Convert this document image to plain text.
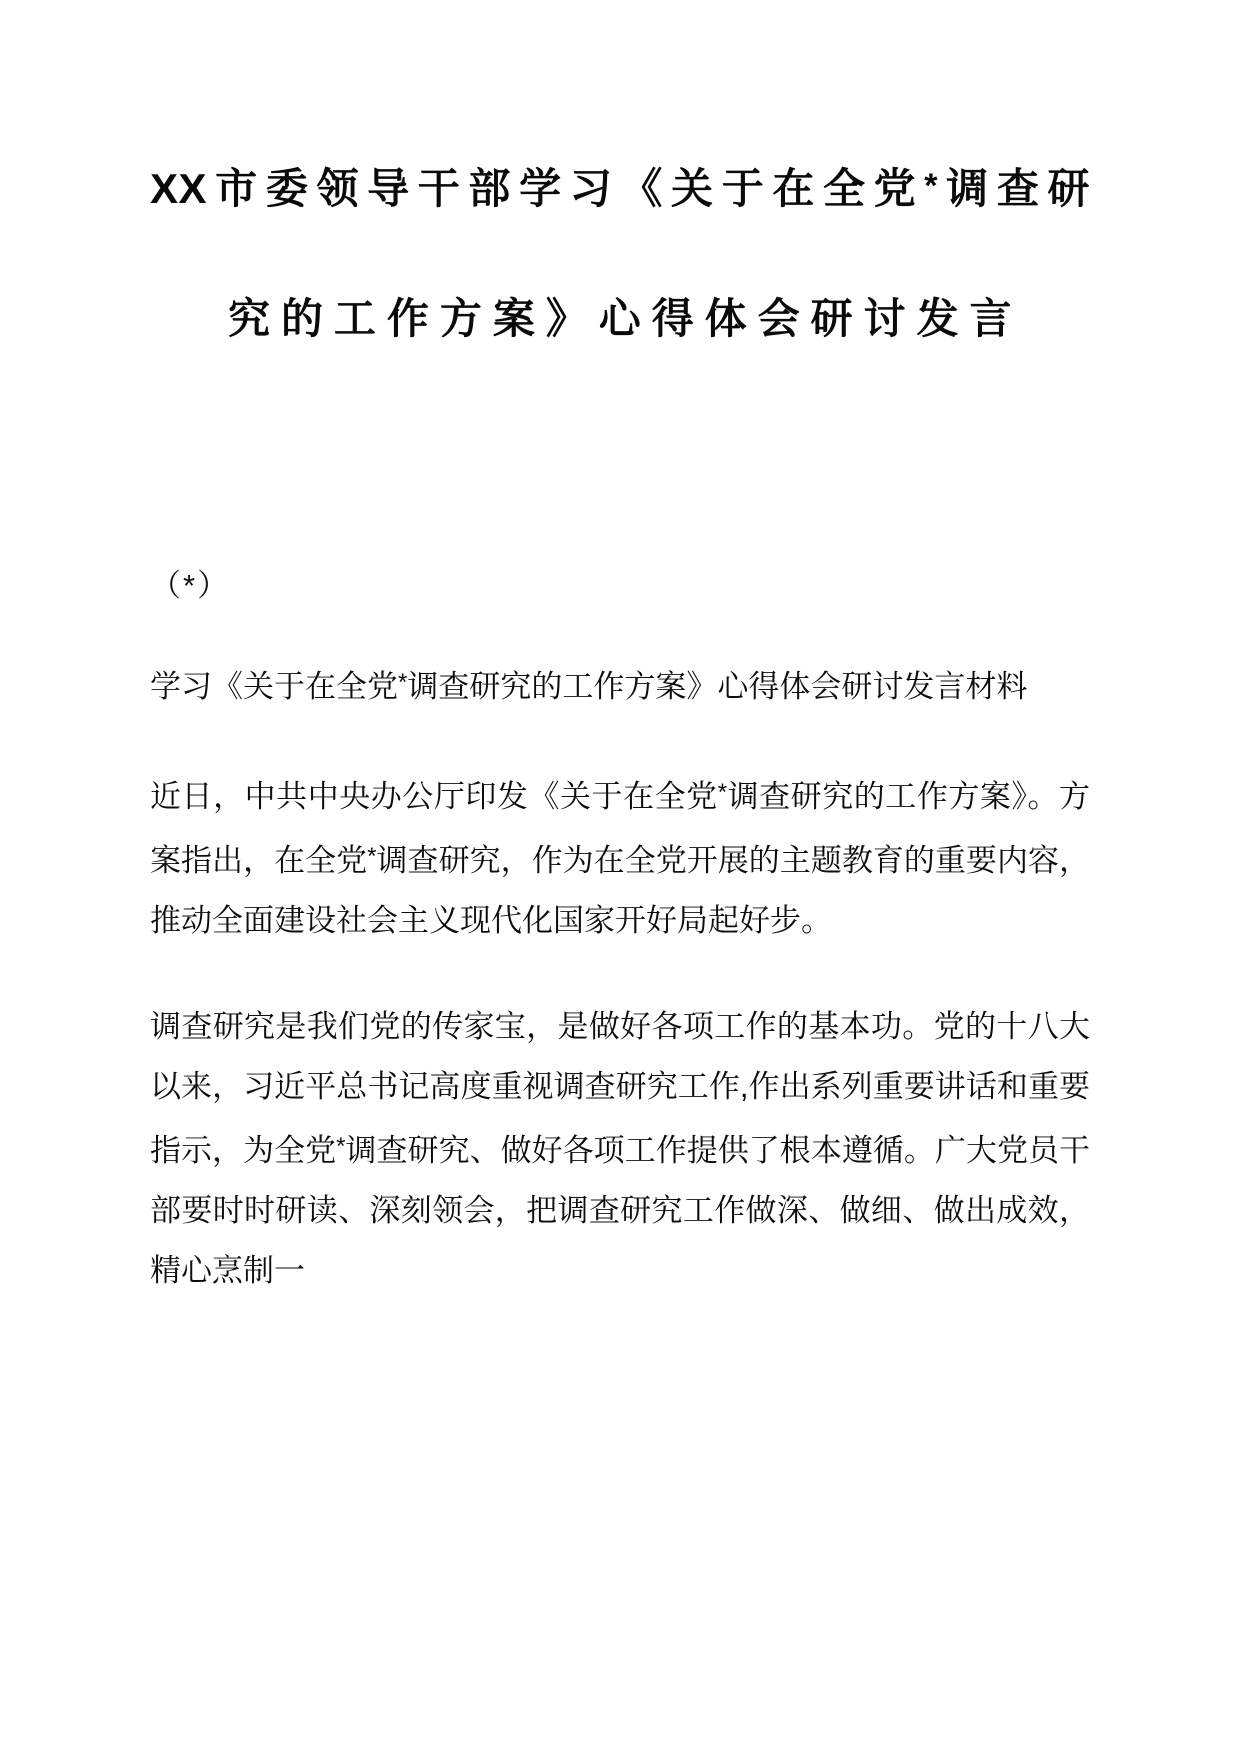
XX市委领导干部学习《关于在全党*调查研
究的工作方案》心得体会研讨发言
（*）

学习《关于在全党*调查研究的工作方案》心得体会研讨发言材料

近日，中共中央办公厅印发《关于在全党*调查研究的工作方案》。方案指出，在全党*调查研究，作为在全党开展的主题教育的重要内容，推动全面建设社会主义现代化国家开好局起好步。

调查研究是我们党的传家宝，是做好各项工作的基本功。党的十八大以来，习近平总书记高度重视调查研究工作,作出系列重要讲话和重要指示，为全党*调查研究、做好各项工作提供了根本遵循。广大党员干部要时时研读、深刻领会，把调查研究工作做深、做细、做出成效，精心烹制一
